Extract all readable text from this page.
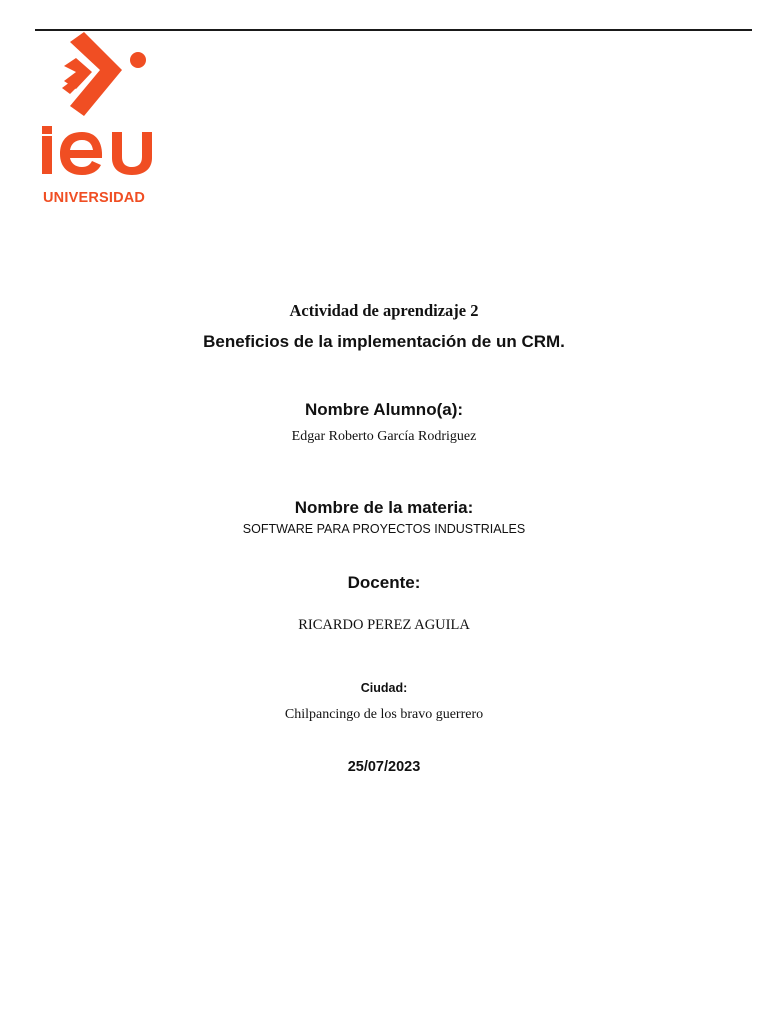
UNIVERSIDAD
Actividad de aprendizaje 2
Beneficios de la implementación de un CRM.
Nombre Alumno(a):
Edgar Roberto García Rodriguez
Nombre de la materia:
SOFTWARE PARA PROYECTOS INDUSTRIALES
Docente:
RICARDO PEREZ AGUILA
Ciudad:
Chilpancingo de los bravo guerrero
25/07/2023
